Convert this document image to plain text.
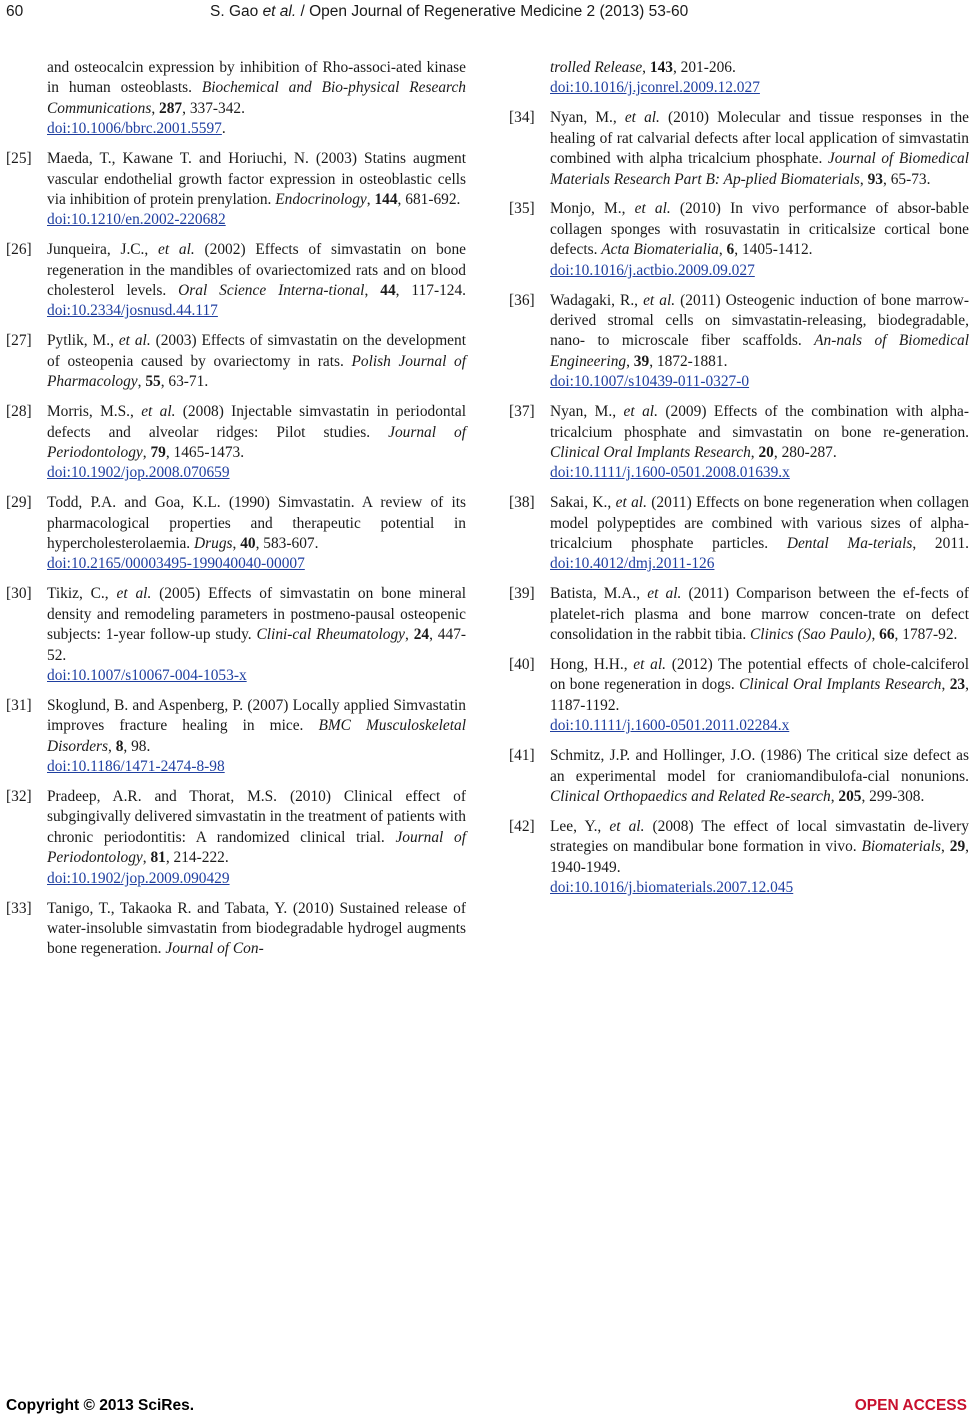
60	S. Gao et al. / Open Journal of Regenerative Medicine 2 (2013) 53-60
and osteocalcin expression by inhibition of Rho-associ-ated kinase in human osteoblasts. Biochemical and Bio-physical Research Communications, 287, 337-342.
doi:10.1006/bbrc.2001.5597.
[25] Maeda, T., Kawane T. and Horiuchi, N. (2003) Statins augment vascular endothelial growth factor expression in osteoblastic cells via inhibition of protein prenylation. Endocrinology, 144, 681-692.
doi:10.1210/en.2002-220682
[26] Junqueira, J.C., et al. (2002) Effects of simvastatin on bone regeneration in the mandibles of ovariectomized rats and on blood cholesterol levels. Oral Science Interna-tional, 44, 117-124. doi:10.2334/josnusd.44.117
[27] Pytlik, M., et al. (2003) Effects of simvastatin on the development of osteopenia caused by ovariectomy in rats. Polish Journal of Pharmacology, 55, 63-71.
[28] Morris, M.S., et al. (2008) Injectable simvastatin in periodontal defects and alveolar ridges: Pilot studies. Journal of Periodontology, 79, 1465-1473.
doi:10.1902/jop.2008.070659
[29] Todd, P.A. and Goa, K.L. (1990) Simvastatin. A review of its pharmacological properties and therapeutic potential in hypercholesterolaemia. Drugs, 40, 583-607.
doi:10.2165/00003495-199040040-00007
[30] Tikiz, C., et al. (2005) Effects of simvastatin on bone mineral density and remodeling parameters in postmeno-pausal osteopenic subjects: 1-year follow-up study. Clini-cal Rheumatology, 24, 447-52.
doi:10.1007/s10067-004-1053-x
[31] Skoglund, B. and Aspenberg, P. (2007) Locally applied Simvastatin improves fracture healing in mice. BMC Musculoskeletal Disorders, 8, 98.
doi:10.1186/1471-2474-8-98
[32] Pradeep, A.R. and Thorat, M.S. (2010) Clinical effect of subgingivally delivered simvastatin in the treatment of patients with chronic periodontitis: A randomized clinical trial. Journal of Periodontology, 81, 214-222.
doi:10.1902/jop.2009.090429
[33] Tanigo, T., Takaoka R. and Tabata, Y. (2010) Sustained release of water-insoluble simvastatin from biodegradable hydrogel augments bone regeneration. Journal of Con-
trolled Release, 143, 201-206.
doi:10.1016/j.jconrel.2009.12.027
[34] Nyan, M., et al. (2010) Molecular and tissue responses in the healing of rat calvarial defects after local application of simvastatin combined with alpha tricalcium phosphate. Journal of Biomedical Materials Research Part B: Ap-plied Biomaterials, 93, 65-73.
[35] Monjo, M., et al. (2010) In vivo performance of absor-bable collagen sponges with rosuvastatin in criticalsize cortical bone defects. Acta Biomaterialia, 6, 1405-1412.
doi:10.1016/j.actbio.2009.09.027
[36] Wadagaki, R., et al. (2011) Osteogenic induction of bone marrow-derived stromal cells on simvastatin-releasing, biodegradable, nano- to microscale fiber scaffolds. An-nals of Biomedical Engineering, 39, 1872-1881.
doi:10.1007/s10439-011-0327-0
[37] Nyan, M., et al. (2009) Effects of the combination with alpha-tricalcium phosphate and simvastatin on bone re-generation. Clinical Oral Implants Research, 20, 280-287.
doi:10.1111/j.1600-0501.2008.01639.x
[38] Sakai, K., et al. (2011) Effects on bone regeneration when collagen model polypeptides are combined with various sizes of alpha-tricalcium phosphate particles. Dental Ma-terials, 2011. doi:10.4012/dmj.2011-126
[39] Batista, M.A., et al. (2011) Comparison between the ef-fects of platelet-rich plasma and bone marrow concen-trate on defect consolidation in the rabbit tibia. Clinics (Sao Paulo), 66, 1787-92.
[40] Hong, H.H., et al. (2012) The potential effects of chole-calciferol on bone regeneration in dogs. Clinical Oral Implants Research, 23, 1187-1192.
doi:10.1111/j.1600-0501.2011.02284.x
[41] Schmitz, J.P. and Hollinger, J.O. (1986) The critical size defect as an experimental model for craniomandibulofa-cial nonunions. Clinical Orthopaedics and Related Re-search, 205, 299-308.
[42] Lee, Y., et al. (2008) The effect of local simvastatin de-livery strategies on mandibular bone formation in vivo. Biomaterials, 29, 1940-1949.
doi:10.1016/j.biomaterials.2007.12.045
Copyright © 2013 SciRes.	OPEN ACCESS
